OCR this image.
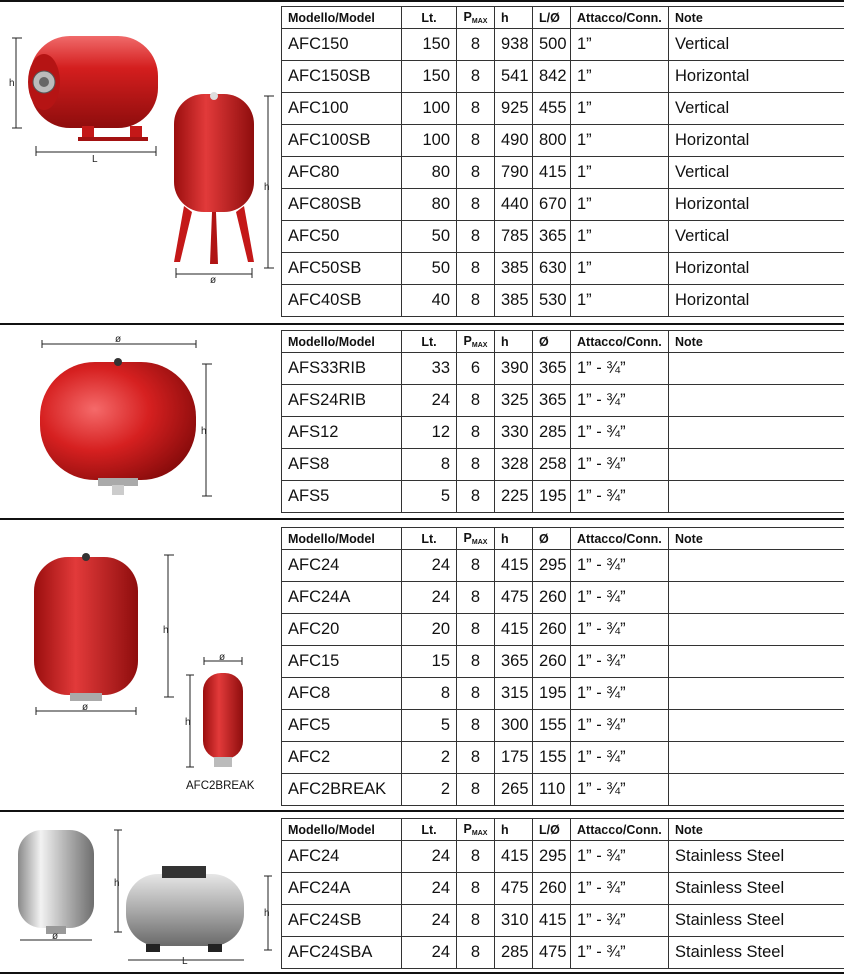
h
L
h
ø
Modello/Model	Lt.	$P_{MAX}$	h	L/Ø	Attacco/Conn.	Note
AFC150	150	8	938	500	1”	Vertical
AFC150SB	150	8	541	842	1”	Horizontal
AFC100	100	8	925	455	1”	Vertical
AFC100SB	100	8	490	800	1”	Horizontal
AFC80	80	8	790	415	1”	Vertical
AFC80SB	80	8	440	670	1”	Horizontal
AFC50	50	8	785	365	1”	Vertical
AFC50SB	50	8	385	630	1”	Horizontal
AFC40SB	40	8	385	530	1”	Horizontal
ø
h
Modello/Model	Lt.	$P_{MAX}$	h	Ø	Attacco/Conn.	Note
AFS33RIB	33	6	390	365	1” - ¾”	
AFS24RIB	24	8	325	365	1” - ¾”	
AFS12	12	8	330	285	1” - ¾”	
AFS8	8	8	328	258	1” - ¾”	
AFS5	5	8	225	195	1” - ¾”	
h
ø
ø
h
AFC2BREAK
Modello/Model	Lt.	$P_{MAX}$	h	Ø	Attacco/Conn.	Note
AFC24	24	8	415	295	1” - ¾”	
AFC24A	24	8	475	260	1” - ¾”	
AFC20	20	8	415	260	1” - ¾”	
AFC15	15	8	365	260	1” - ¾”	
AFC8	8	8	315	195	1” - ¾”	
AFC5	5	8	300	155	1” - ¾”	
AFC2	2	8	175	155	1” - ¾”	
AFC2BREAK	2	8	265	110	1” - ¾”	
h
ø
h
L
Modello/Model	Lt.	$P_{MAX}$	h	L/Ø	Attacco/Conn.	Note
AFC24	24	8	415	295	1” - ¾”	Stainless Steel
AFC24A	24	8	475	260	1” - ¾”	Stainless Steel
AFC24SB	24	8	310	415	1” - ¾”	Stainless Steel
AFC24SBA	24	8	285	475	1” - ¾”	Stainless Steel
